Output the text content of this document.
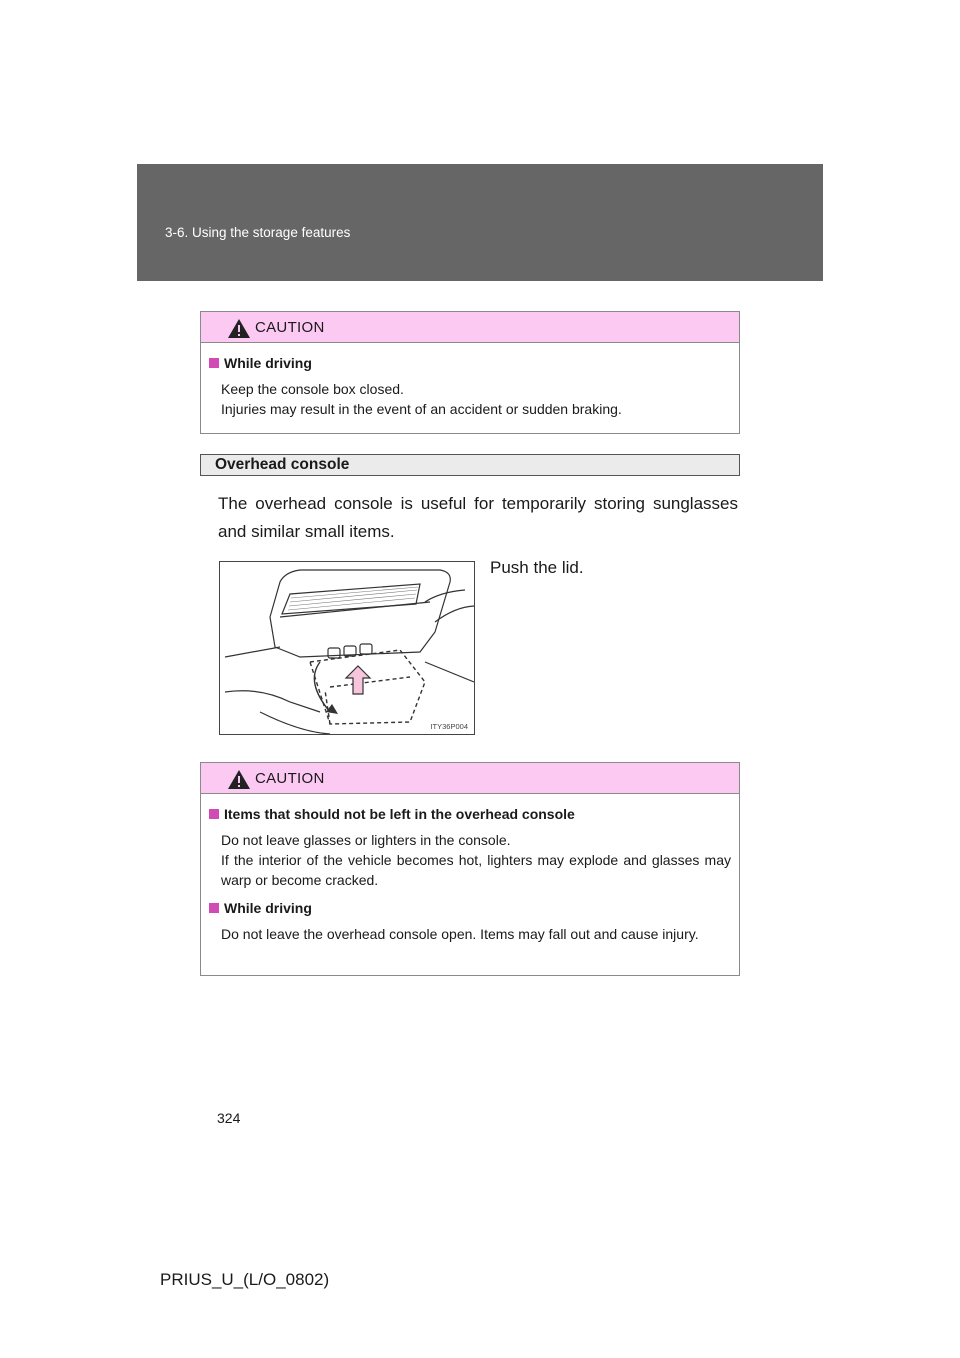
3-6. Using the storage features
CAUTION
While driving
Keep the console box closed.
Injuries may result in the event of an accident or sudden braking.
Overhead console
The overhead console is useful for temporarily storing sunglasses and similar small items.
ITY36P004
Push the lid.
CAUTION
Items that should not be left in the overhead console
Do not leave glasses or lighters in the console.
If the interior of the vehicle becomes hot, lighters may explode and glasses may warp or become cracked.
While driving
Do not leave the overhead console open. Items may fall out and cause injury.
324
PRIUS_U_(L/O_0802)
